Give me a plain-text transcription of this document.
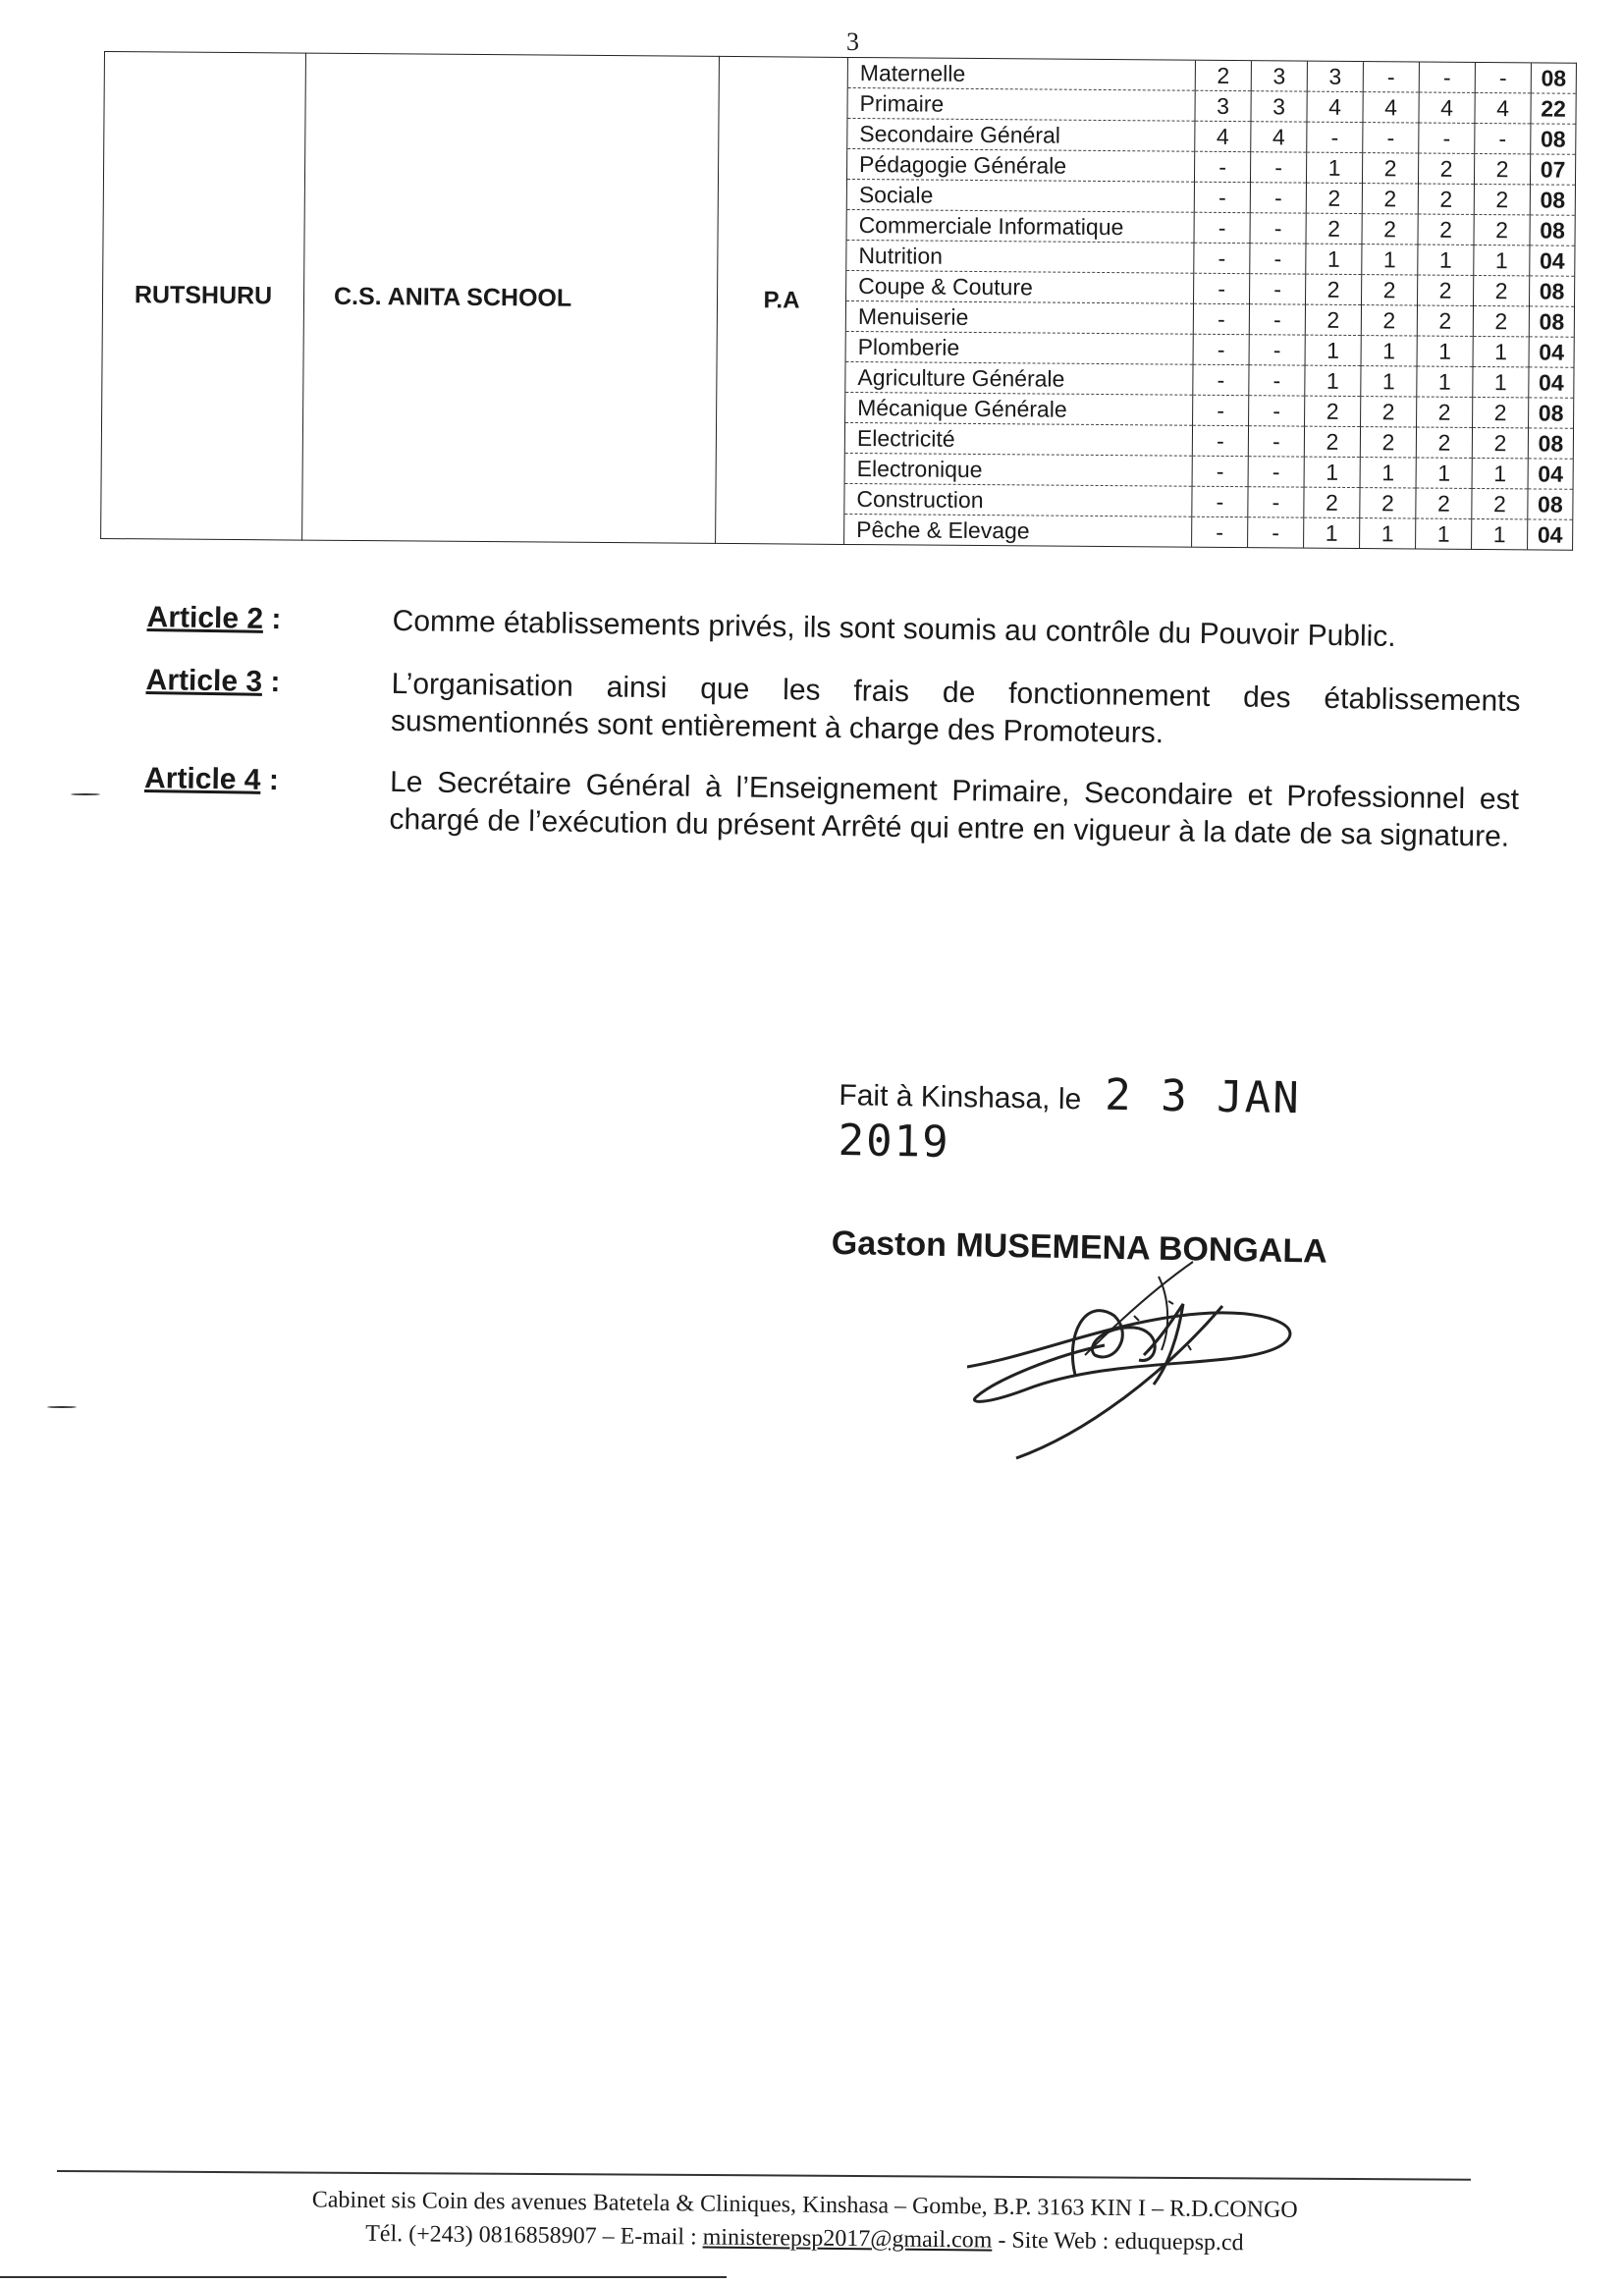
3
RUTSHURU	C.S. ANITA SCHOOL	P.A	
Maternelle	2	3	3	-	-	-	08
Primaire	3	3	4	4	4	4	22
Secondaire Général	4	4	-	-	-	-	08
Pédagogie Générale	-	-	1	2	2	2	07
Sociale	-	-	2	2	2	2	08
Commerciale Informatique	-	-	2	2	2	2	08
Nutrition	-	-	1	1	1	1	04
Coupe & Couture	-	-	2	2	2	2	08
Menuiserie	-	-	2	2	2	2	08
Plomberie	-	-	1	1	1	1	04
Agriculture Générale	-	-	1	1	1	1	04
Mécanique Générale	-	-	2	2	2	2	08
Electricité	-	-	2	2	2	2	08
Electronique	-	-	1	1	1	1	04
Construction	-	-	2	2	2	2	08
Pêche & Elevage	-	-	1	1	1	1	04
Article 2 :	Comme établissements privés, ils sont soumis au contrôle du Pouvoir Public.
Article 3 :	L’organisation ainsi que les frais de fonctionnement des établissements susmentionnés sont entièrement à charge des Promoteurs.
Article 4 :	Le Secrétaire Général à l’Enseignement Primaire, Secondaire et Professionnel est chargé de l’exécution du présent Arrêté qui entre en vigueur à la date de sa signature.
Fait à Kinshasa, le 2 3 JAN 2019
Gaston MUSEMENA BONGALA
Cabinet sis Coin des avenues Batetela & Cliniques, Kinshasa – Gombe, B.P. 3163 KIN I – R.D.CONGO
Tél. (+243) 0816858907 – E-mail : ministerepsp2017@gmail.com - Site Web : eduquepsp.cd
